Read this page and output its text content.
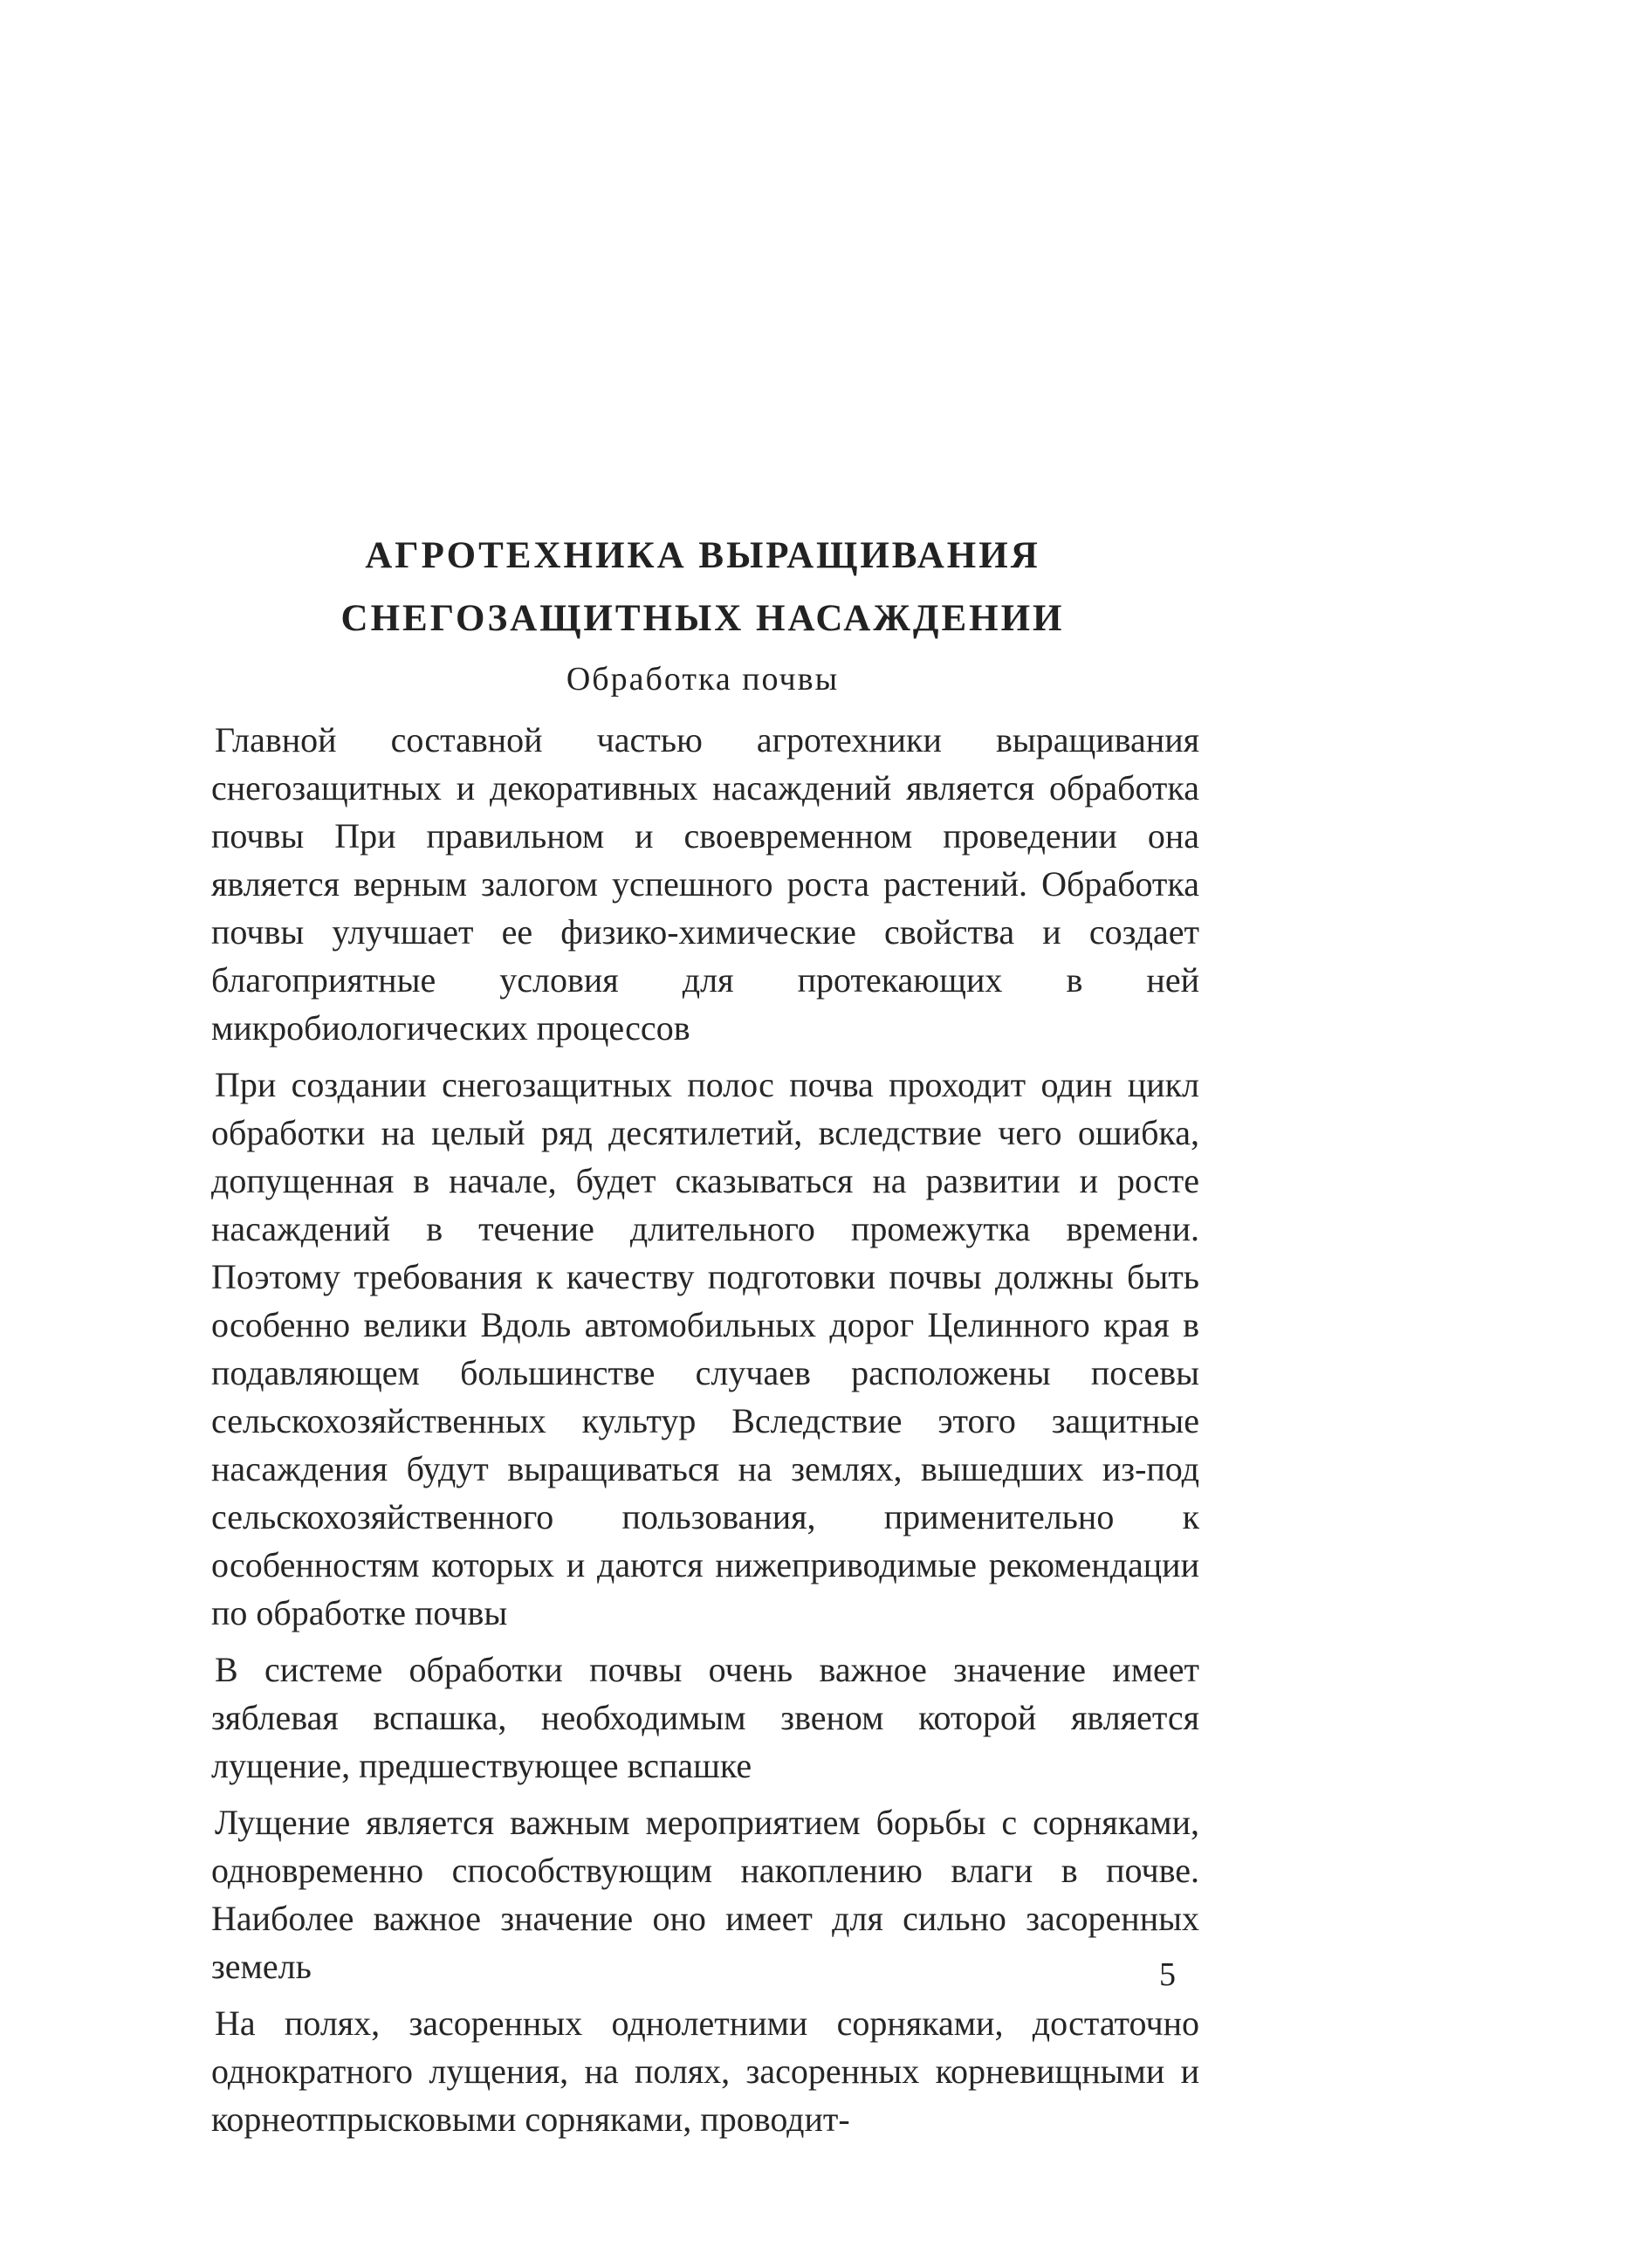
АГРОТЕХНИКА ВЫРАЩИВАНИЯ
СНЕГОЗАЩИТНЫХ НАСАЖДЕНИИ
Обработка почвы

Главной составной частью агротехники выращивания снегозащитных и декоративных насаждений является обработка почвы При правильном и своевременном проведении она является верным залогом успешного роста растений. Обработка почвы улучшает ее физико-химические свойства и создает благоприятные условия для протекающих в ней микробиологических процессов

При создании снегозащитных полос почва проходит один цикл обработки на целый ряд десятилетий, вследствие чего ошибка, допущенная в начале, будет сказываться на развитии и росте насаждений в течение длительного промежутка времени. Поэтому требования к качеству подготовки почвы должны быть особенно велики Вдоль автомобильных дорог Целинного края в подавляющем большинстве случаев расположены посевы сельскохозяйственных культур Вследствие этого защитные насаждения будут выращиваться на землях, вышедших из-под сельскохозяйственного пользования, применительно к особенностям которых и даются нижеприводимые рекомендации по обработке почвы

В системе обработки почвы очень важное значение имеет зяблевая вспашка, необходимым звеном которой является лущение, предшествующее вспашке

Лущение является важным мероприятием борьбы с сорняками, одновременно способствующим накоплению влаги в почве. Наиболее важное значение оно имеет для сильно засоренных земель

На полях, засоренных однолетними сорняками, достаточно однократного лущения, на полях, засоренных корневищными и корнеотпрысковыми сорняками, проводит-

5
